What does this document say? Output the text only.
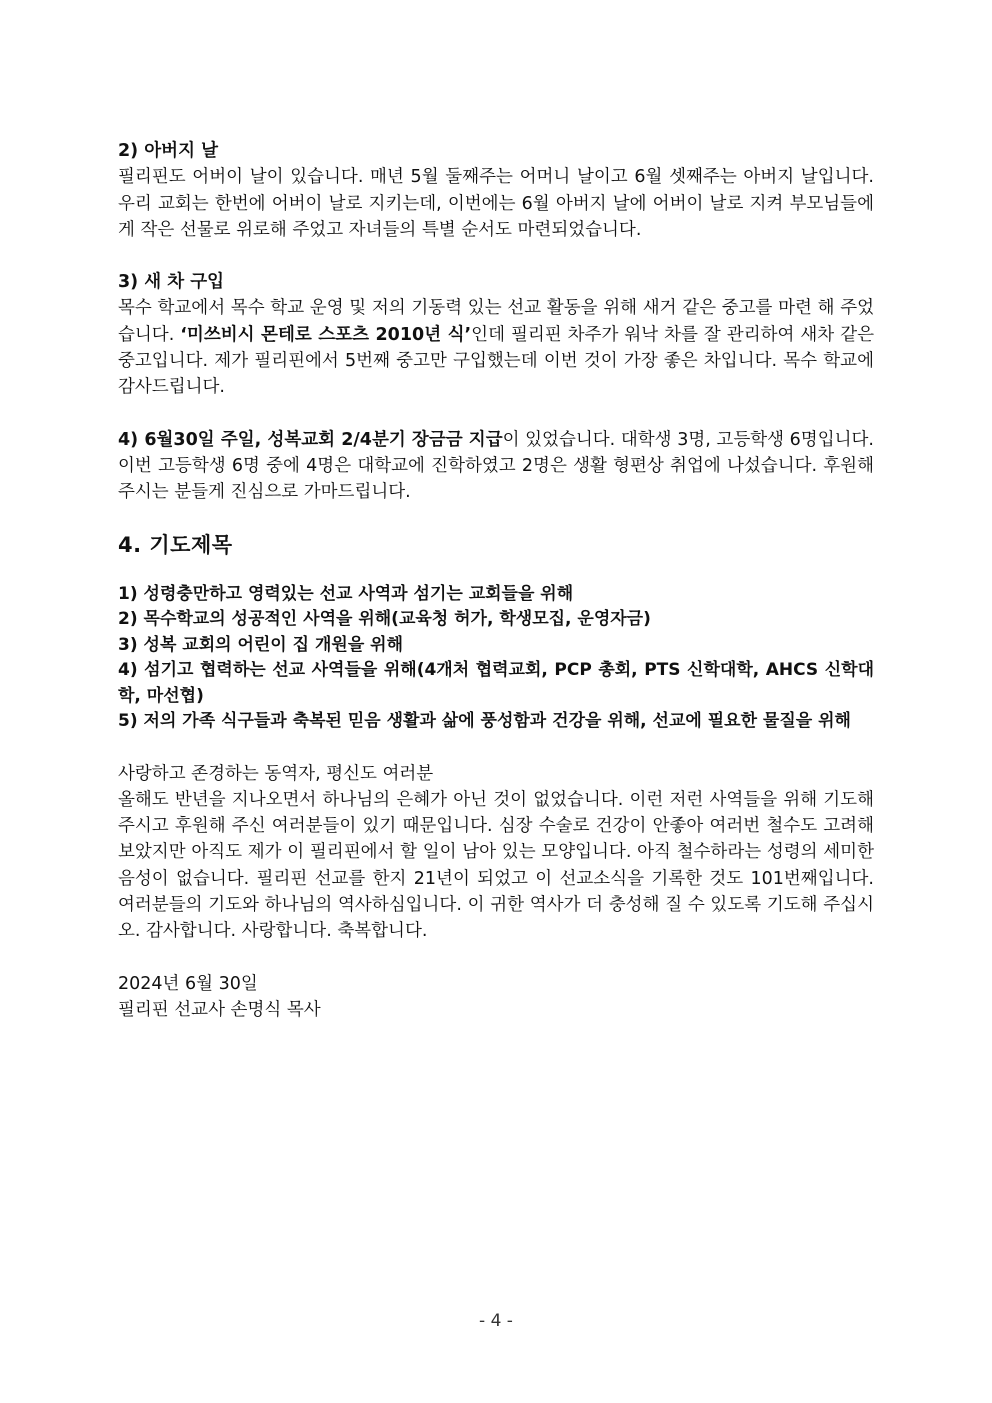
2) 아버지 날

필리핀도 어버이 날이 있습니다. 매년 5월 둘째주는 어머니 날이고 6월 셋째주는 아버지 날입니다. 우리 교회는 한번에 어버이 날로 지키는데, 이번에는 6월 아버지 날에 어버이 날로 지켜 부모님들에게 작은 선물로 위로해 주었고 자녀들의 특별 순서도 마련되었습니다.

3) 새 차 구입

목수 학교에서 목수 학교 운영 및 저의 기동력 있는 선교 활동을 위해 새거 같은 중고를 마련 해 주었습니다. ‘미쓰비시 몬테로 스포츠 2010년 식’인데 필리핀 차주가 워낙 차를 잘 관리하여 새차 같은 중고입니다. 제가 필리핀에서 5번째 중고만 구입했는데 이번 것이 가장 좋은 차입니다. 목수 학교에 감사드립니다.

4) 6월30일 주일, 성복교회 2/4분기 장금금 지급이 있었습니다. 대학생 3명, 고등학생 6명입니다. 이번 고등학생 6명 중에 4명은 대학교에 진학하였고 2명은 생활 형편상 취업에 나섰습니다. 후원해 주시는 분들게 진심으로 가마드립니다.

4. 기도제목
1) 성령충만하고 영력있는 선교 사역과 섬기는 교회들을 위해
2) 목수학교의 성공적인 사역을 위해(교육청 허가, 학생모집, 운영자금)
3) 성복 교회의 어린이 집 개원을 위해
4) 섬기고 협력하는 선교 사역들을 위해(4개처 협력교회, PCP 총회, PTS 신학대학, AHCS 신학대학, 마선협)
5) 저의 가족 식구들과 축복된 믿음 생활과 삶에 풍성함과 건강을 위해, 선교에 필요한 물질을 위해

사랑하고 존경하는 동역자, 평신도 여러분

올해도 반년을 지나오면서 하나님의 은혜가 아닌 것이 없었습니다. 이런 저런 사역들을 위해 기도해 주시고 후원해 주신 여러분들이 있기 때문입니다. 심장 수술로 건강이 안좋아 여러번 철수도 고려해 보았지만 아직도 제가 이 필리핀에서 할 일이 남아 있는 모양입니다. 아직 철수하라는 성령의 세미한 음성이 없습니다. 필리핀 선교를 한지 21년이 되었고 이 선교소식을 기록한 것도 101번째입니다. 여러분들의 기도와 하나님의 역사하심입니다. 이 귀한 역사가 더 충성해 질 수 있도록 기도해 주십시오. 감사합니다. 사랑합니다. 축복합니다.

2024년 6월 30일
필리핀 선교사 손명식 목사
- 4 -
